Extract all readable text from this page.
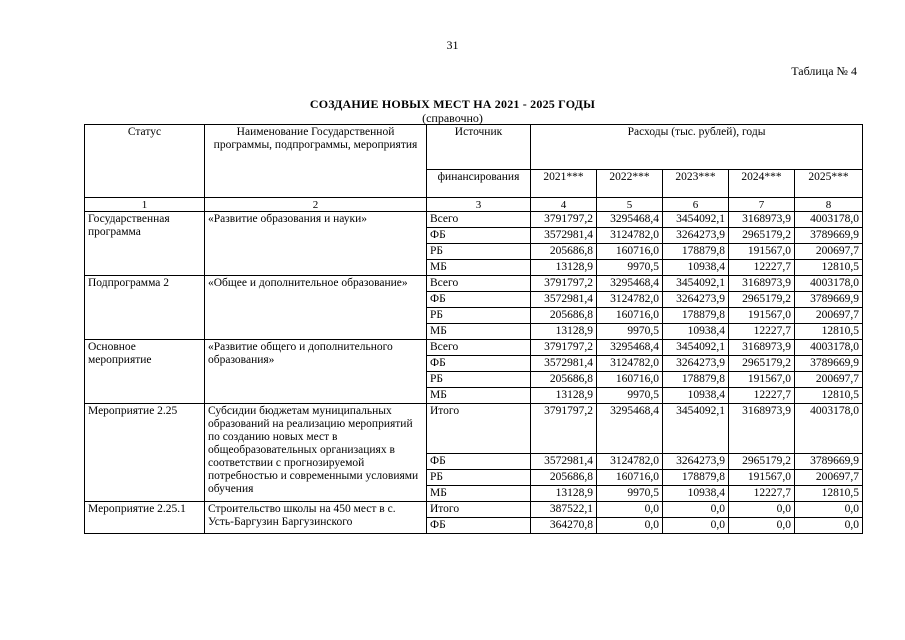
31
Таблица № 4
СОЗДАНИЕ НОВЫХ МЕСТ НА 2021 - 2025 ГОДЫ
(справочно)
Статус	Наименование Государственной программы, подпрограммы, мероприятия	Источник	Расходы (тыс. рублей), годы				
		финансирования	2021***	2022***	2023***	2024***	2025***
1	2	3	4	5	6	7	8
Государственная программа	«Развитие образования и науки»	Всего	3791797,2	3295468,4	3454092,1	3168973,9	4003178,0
		ФБ	3572981,4	3124782,0	3264273,9	2965179,2	3789669,9
		РБ	205686,8	160716,0	178879,8	191567,0	200697,7
		МБ	13128,9	9970,5	10938,4	12227,7	12810,5
Подпрограмма 2	«Общее и дополнительное образование»	Всего	3791797,2	3295468,4	3454092,1	3168973,9	4003178,0
		ФБ	3572981,4	3124782,0	3264273,9	2965179,2	3789669,9
		РБ	205686,8	160716,0	178879,8	191567,0	200697,7
		МБ	13128,9	9970,5	10938,4	12227,7	12810,5
Основное мероприятие	«Развитие общего и дополнительного образования»	Всего	3791797,2	3295468,4	3454092,1	3168973,9	4003178,0
		ФБ	3572981,4	3124782,0	3264273,9	2965179,2	3789669,9
		РБ	205686,8	160716,0	178879,8	191567,0	200697,7
		МБ	13128,9	9970,5	10938,4	12227,7	12810,5
Мероприятие 2.25	Субсидии бюджетам муниципальных образований на реализацию мероприятий по созданию новых мест в общеобразовательных организациях в соответствии с прогнозируемой потребностью и современными условиями обучения	Итого	3791797,2	3295468,4	3454092,1	3168973,9	4003178,0
		ФБ	3572981,4	3124782,0	3264273,9	2965179,2	3789669,9
		РБ	205686,8	160716,0	178879,8	191567,0	200697,7
		МБ	13128,9	9970,5	10938,4	12227,7	12810,5
Мероприятие 2.25.1	Строительство школы на 450 мест в с. Усть-Баргузин Баргузинского	Итого	387522,1	0,0	0,0	0,0	0,0
		ФБ	364270,8	0,0	0,0	0,0	0,0
